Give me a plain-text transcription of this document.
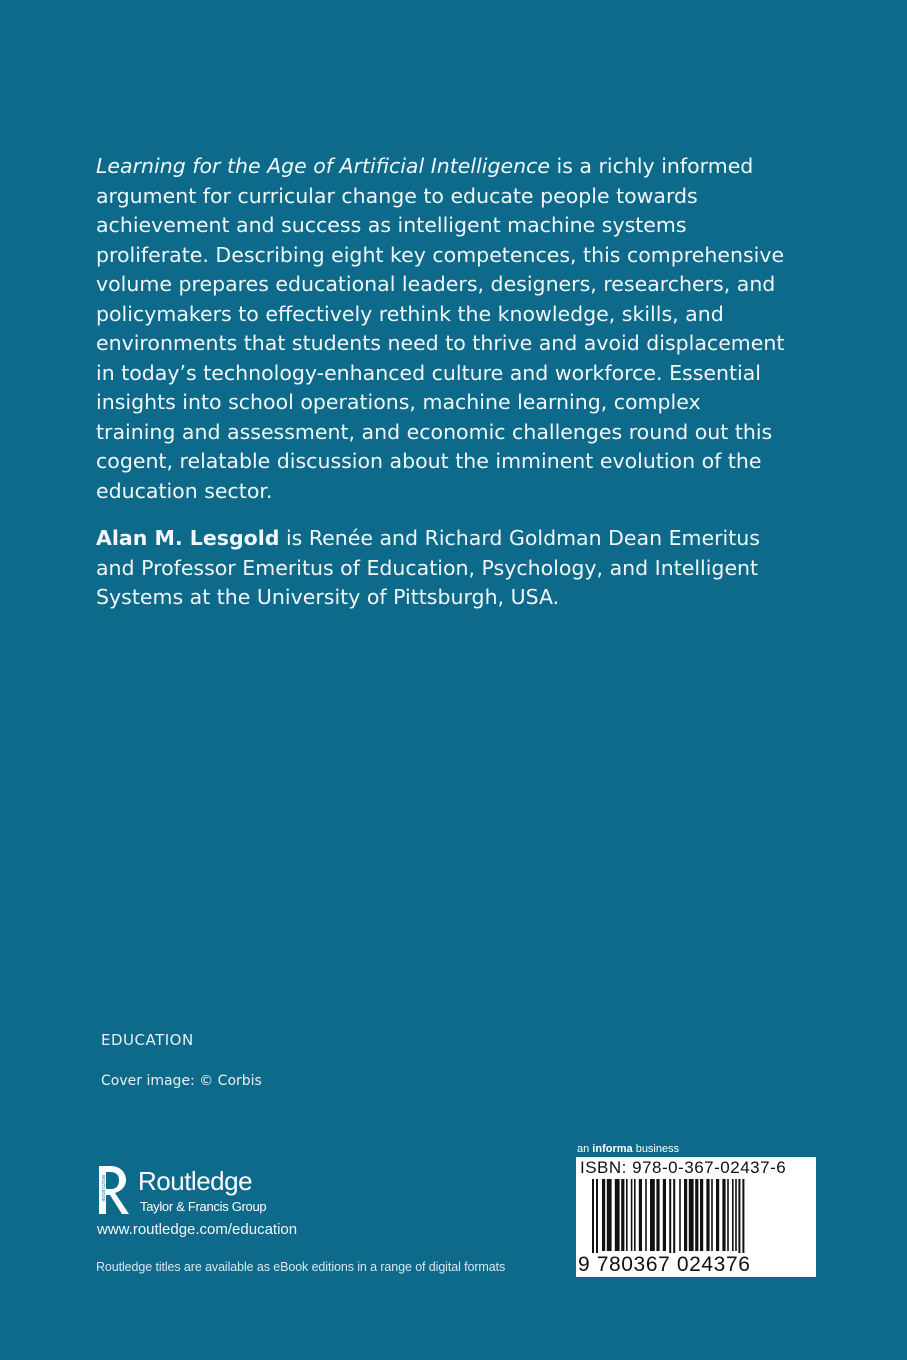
Learning for the Age of Artificial Intelligence is a richly informed argument for curricular change to educate people towards achievement and success as intelligent machine systems proliferate. Describing eight key competences, this comprehensive volume prepares educational leaders, designers, researchers, and policymakers to effectively rethink the knowledge, skills, and environments that students need to thrive and avoid displacement in today’s technology-enhanced culture and workforce. Essential insights into school operations, machine learning, complex training and assessment, and economic challenges round out this cogent, relatable discussion about the imminent evolution of the education sector.

Alan M. Lesgold is Renée and Richard Goldman Dean Emeritus and Professor Emeritus of Education, Psychology, and Intelligent Systems at the University of Pittsburgh, USA.

EDUCATION
Cover image: © Corbis
ROUTLEDGE Routledge
Taylor & Francis Group
www.routledge.com/education
Routledge titles are available as eBook editions in a range of digital formats
an informa business
ISBN: 978-0-367-02437-6
9 780367 024376
